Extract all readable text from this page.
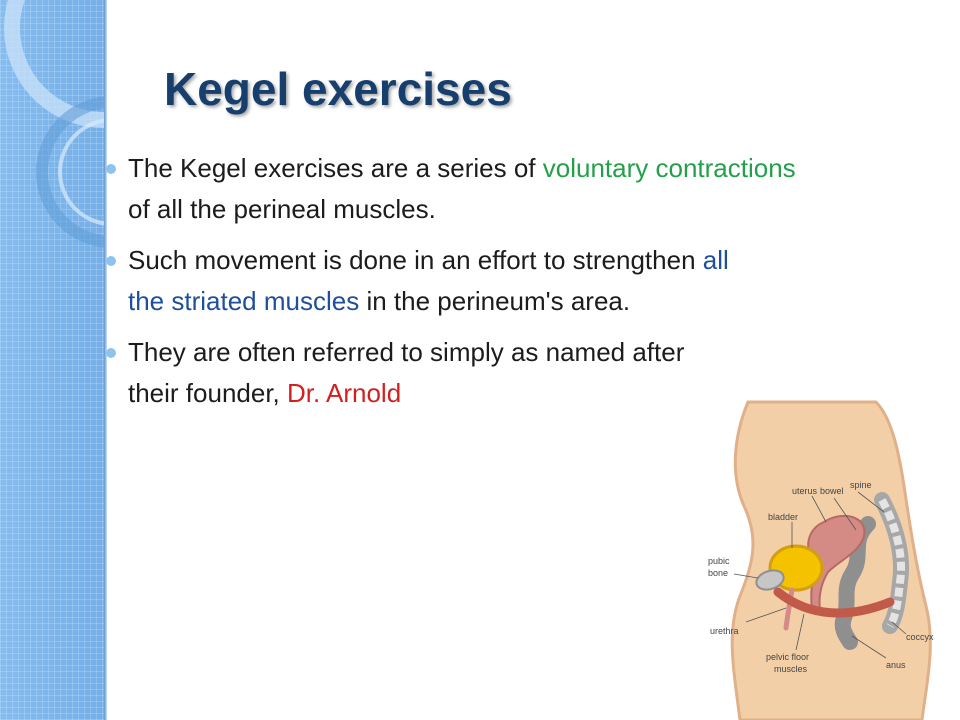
Kegel exercises
The Kegel exercises are a series of voluntary contractions of all the perineal muscles.
Such movement is done in an effort to strengthen all the striated muscles in the perineum's area.
They are often referred to simply as named after their founder, Dr. Arnold
uterus bowel
spine
bladder
pubic
bone
urethra
pelvic floor
muscles
coccyx
anus
